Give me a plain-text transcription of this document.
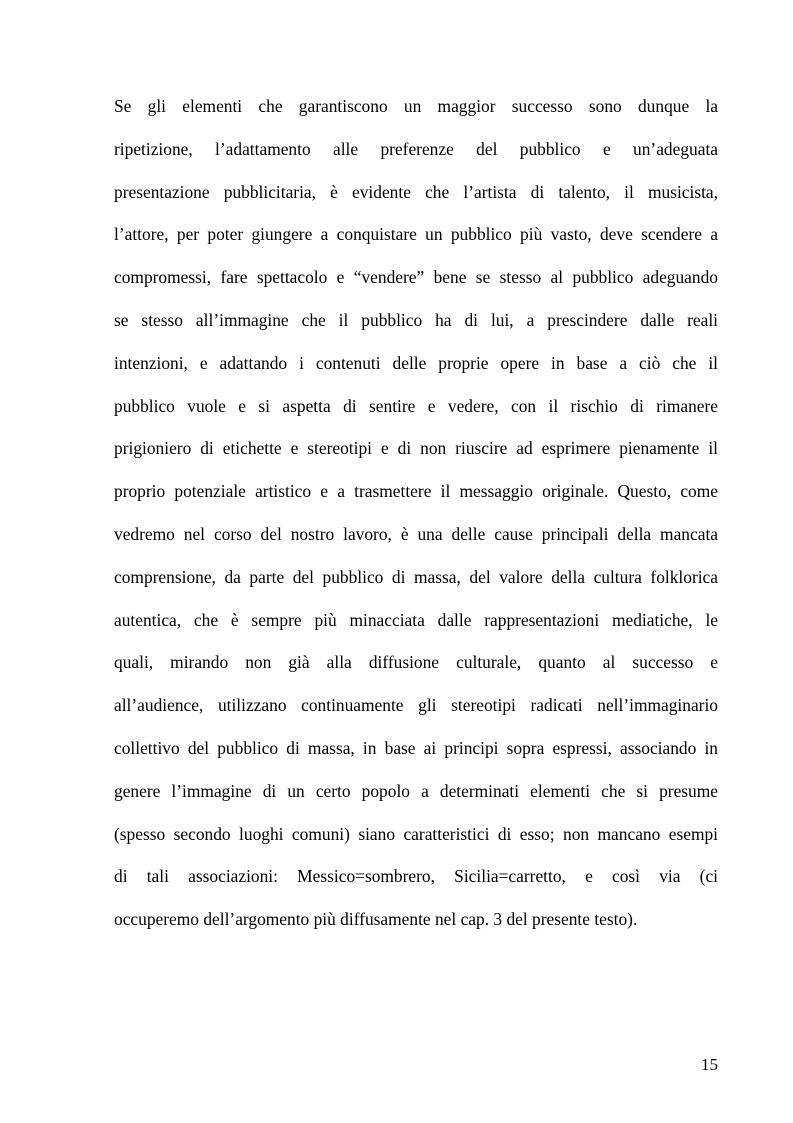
Se gli elementi che garantiscono un maggior successo sono dunque la
ripetizione, l’adattamento alle preferenze del pubblico e un’adeguata
presentazione pubblicitaria, è evidente che l’artista di talento, il musicista,
l’attore, per poter giungere a conquistare un pubblico più vasto, deve scendere a
compromessi, fare spettacolo e “vendere” bene se stesso al pubblico adeguando
se stesso all’immagine che il pubblico ha di lui, a prescindere dalle reali
intenzioni, e adattando i contenuti delle proprie opere in base a ciò che il
pubblico vuole e si aspetta di sentire e vedere, con il rischio di rimanere
prigioniero di etichette e stereotipi e di non riuscire ad esprimere pienamente il
proprio potenziale artistico e a trasmettere il messaggio originale. Questo, come
vedremo nel corso del nostro lavoro, è una delle cause principali della mancata
comprensione, da parte del pubblico di massa, del valore della cultura folklorica
autentica, che è sempre più minacciata dalle rappresentazioni mediatiche, le
quali, mirando non già alla diffusione culturale, quanto al successo e
all’audience, utilizzano continuamente gli stereotipi radicati nell’immaginario
collettivo del pubblico di massa, in base ai principi sopra espressi, associando in
genere l’immagine di un certo popolo a determinati elementi che si presume
(spesso secondo luoghi comuni) siano caratteristici di esso; non mancano esempi
di tali associazioni: Messico=sombrero, Sicilia=carretto, e così via (ci
occuperemo dell’argomento più diffusamente nel cap. 3 del presente testo).
15
